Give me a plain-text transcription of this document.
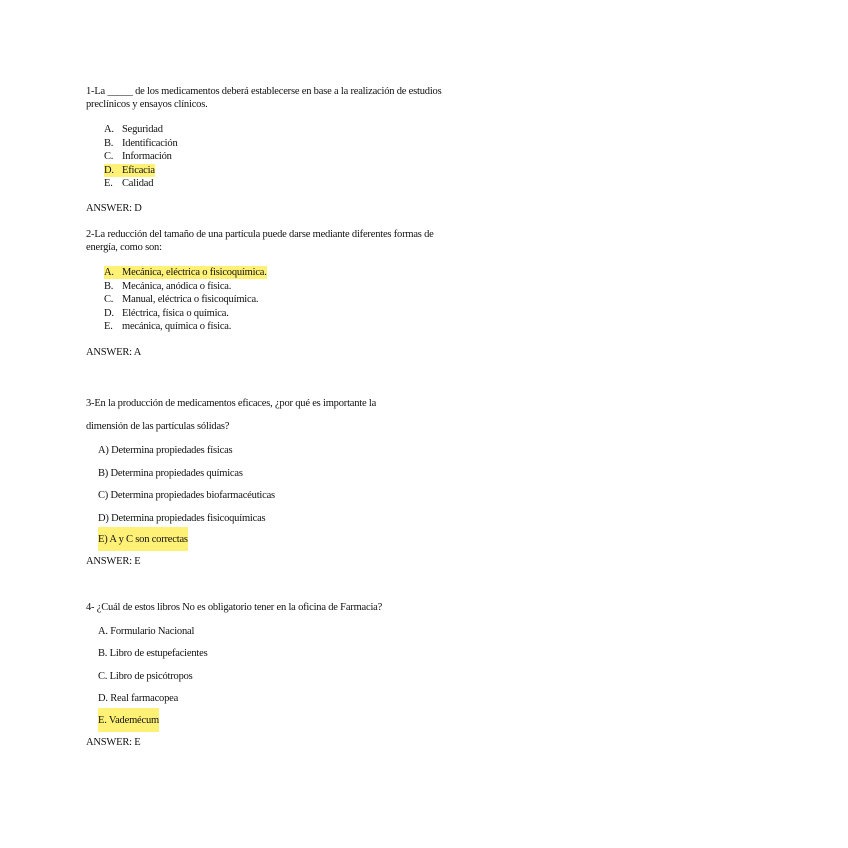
1-La _____ de los medicamentos deberá establecerse en base a la realización de estudios
preclínicos y ensayos clínicos.
A. Seguridad
B. Identificación
C. Información
D. Eficacia
E. Calidad
ANSWER: D
2-La reducción del tamaño de una partícula puede darse mediante diferentes formas de
energía, como son:
A. Mecánica, eléctrica o fisicoquímica.
B. Mecánica, anódica o física.
C. Manual, eléctrica o fisicoquímica.
D. Eléctrica, física o química.
E. mecánica, química o física.
ANSWER: A
3-En la producción de medicamentos eficaces, ¿por qué es importante la
dimensión de las partículas sólidas?
A) Determina propiedades físicas
B) Determina propiedades químicas
C) Determina propiedades biofarmacéuticas
D) Determina propiedades fisicoquímicas
E) A y C son correctas
ANSWER: E
4- ¿Cuál de estos libros No es obligatorio tener en la oficina de Farmacia?
A. Formulario Nacional
B. Libro de estupefacientes
C. Libro de psicótropos
D. Real farmacopea
E. Vademécum
ANSWER: E
